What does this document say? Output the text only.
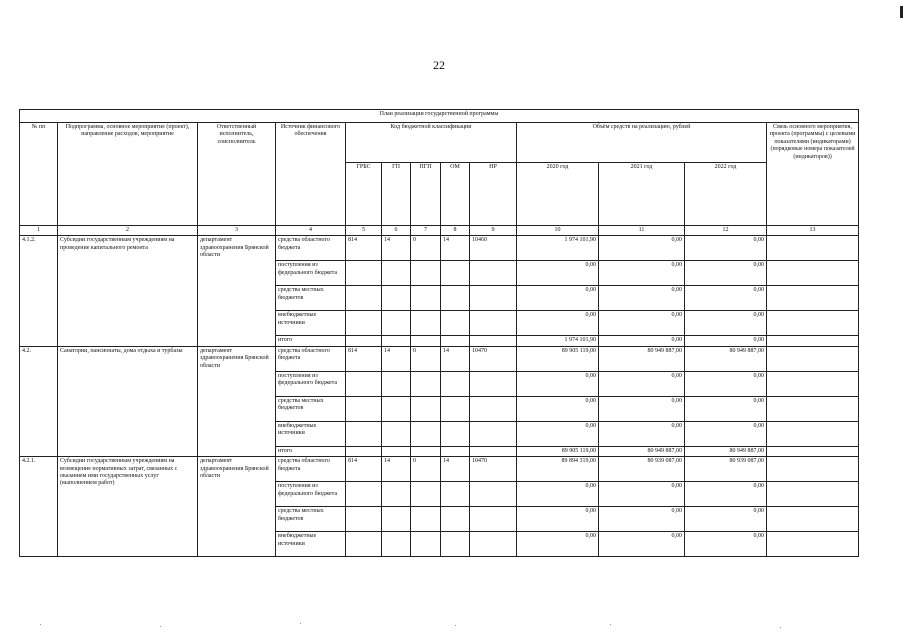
22
План реализации государственной программы												
№ пп	Подпрограмма, основное мероприятие (проект), направление расходов, мероприятие	Ответственный исполнитель, соисполнитель	Источник финансового обеспечения	Код бюджетной классификации					Объём средств на реализацию, рублей			Связь основного мероприятия, проекта (программы) с целевыми показателями (индикаторами) (порядковые номера показателей (индикаторов))
				ГРБС	ГП	ПГП	ОМ	НР	2020 год	2021 год	2022 год	
1	2	3	4	5	6	7	8	9	10	11	12	13
4.1.2.	Субсидии государственным учреждениям на проведение капитального ремонта	департамент здравоохранения Брянской области	средства областного бюджета	814	14	0	14	10460	1 974 101,90	0,00	0,00	
			поступления из федерального бюджета						0,00	0,00	0,00	
			средства местных бюджетов						0,00	0,00	0,00	
			внебюджетные источники						0,00	0,00	0,00	
			итого						1 974 101,90	0,00	0,00	
4.2.	Санатории, пансионаты, дома отдыха и турбазы	департамент здравоохранения Брянской области	средства областного бюджета	814	14	0	14	10470	89 905 119,00	80 949 887,00	80 949 887,00	
			поступления из федерального бюджета						0,00	0,00	0,00	
			средства местных бюджетов						0,00	0,00	0,00	
			внебюджетные источники						0,00	0,00	0,00	
			итого						89 905 119,00	80 949 887,00	80 949 887,00	
4.2.1.	Субсидии государственным учреждениям на возмещение нормативных затрат, связанных с оказанием ими государственных услуг (выполнением работ)	департамент здравоохранения Брянской области	средства областного бюджета	814	14	0	14	10470	89 894 319,00	80 939 087,00	80 939 087,00	
			поступления из федерального бюджета						0,00	0,00	0,00	
			средства местных бюджетов						0,00	0,00	0,00	
			внебюджетные источники						0,00	0,00	0,00	
